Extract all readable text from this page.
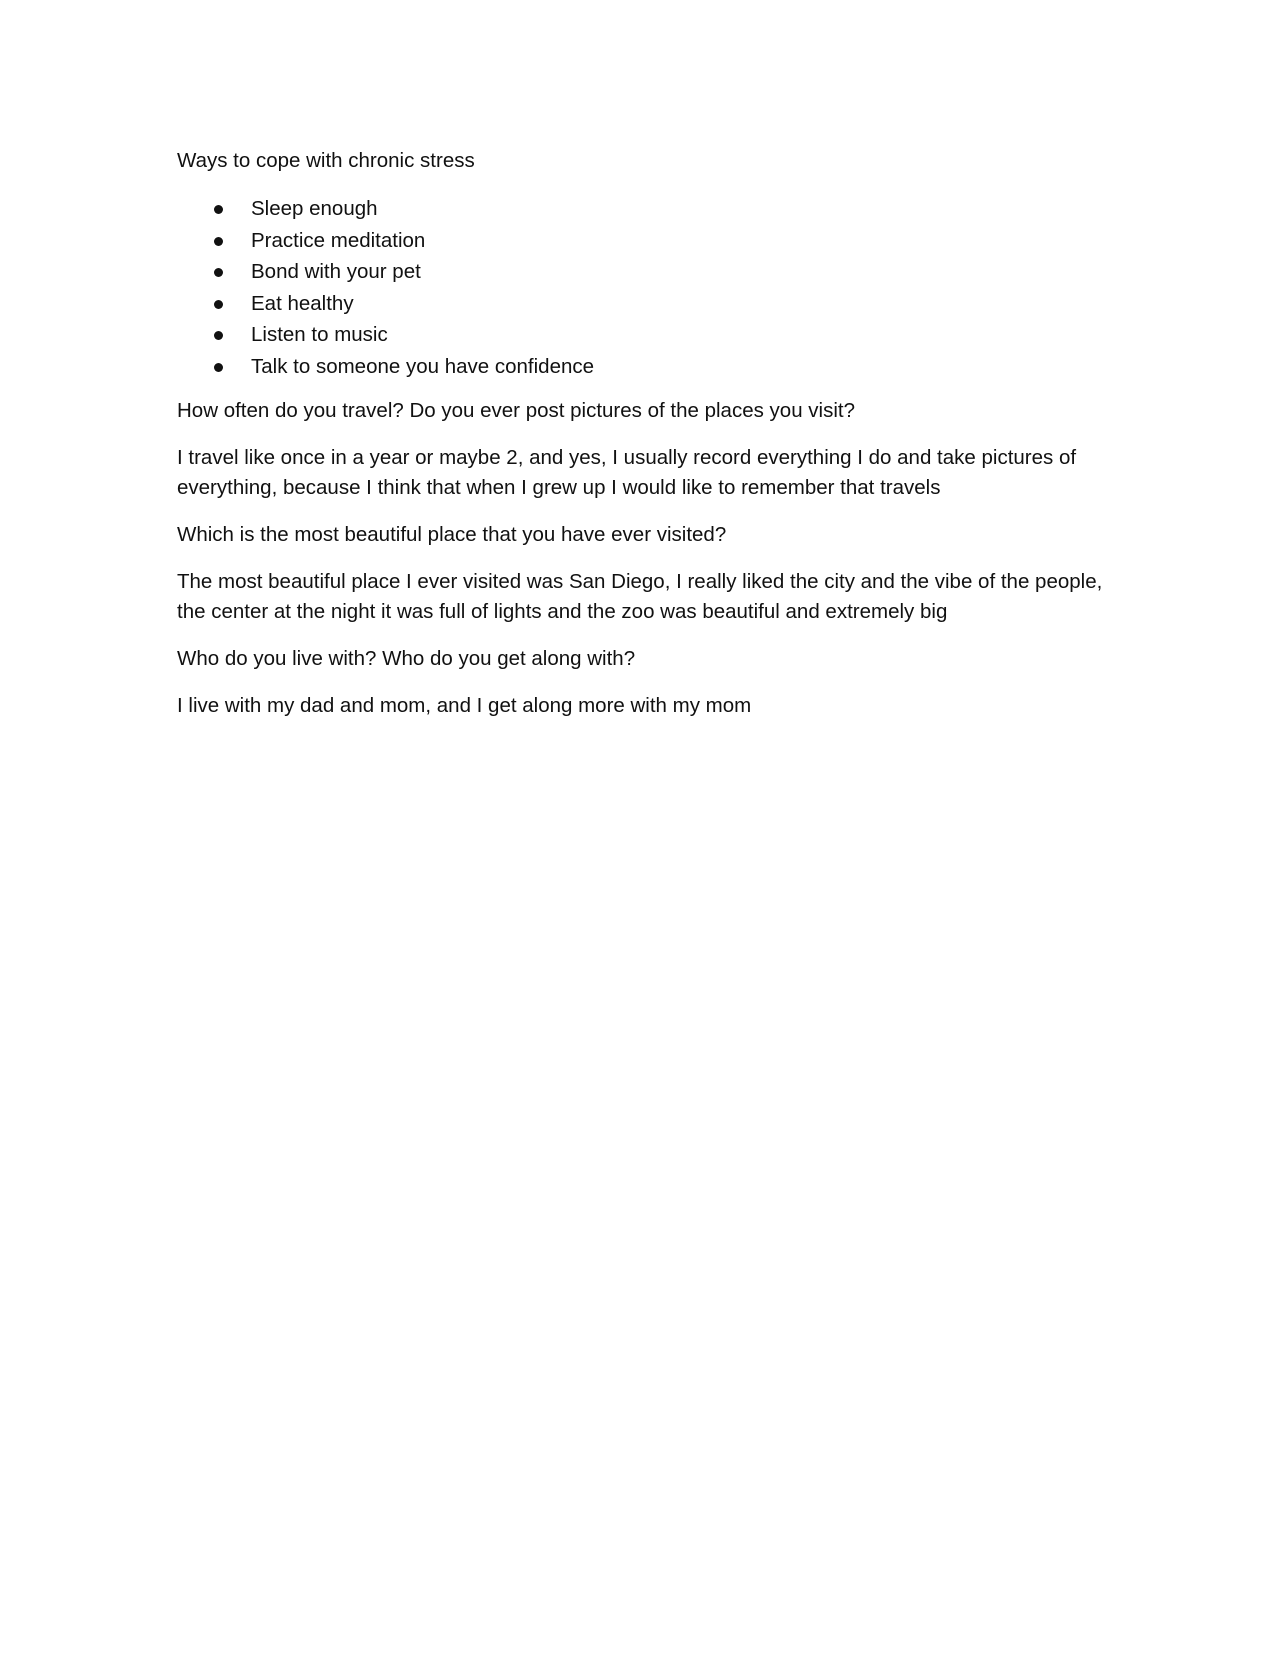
Ways to cope with chronic stress

Sleep enough
Practice meditation
Bond with your pet
Eat healthy
Listen to music
Talk to someone you have confidence

How often do you travel? Do you ever post pictures of the places you visit?

I travel like once in a year or maybe 2, and yes, I usually record everything I do and take pictures of everything, because I think that when I grew up I would like to remember that travels

Which is the most beautiful place that you have ever visited?

The most beautiful place I ever visited was San Diego, I really liked the city and the vibe of the people, the center at the night it was full of lights and the zoo was beautiful and extremely big

Who do you live with? Who do you get along with?

I live with my dad and mom, and I get along more with my mom
